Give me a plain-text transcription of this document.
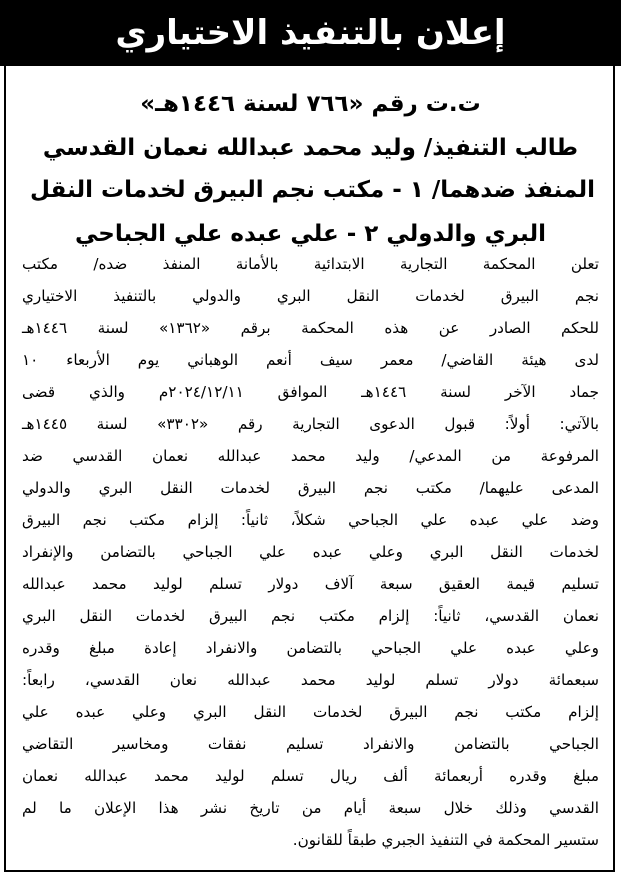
إعلان بالتنفيذ الاختياري
ت.ت رقم «٧٦٦ لسنة ١٤٤٦هـ»
طالب التنفيذ/ وليد محمد عبدالله نعمان القدسي
المنفذ ضدهما/ ١ - مكتب نجم البيرق لخدمات النقل
البري والدولي ٢ - علي عبده علي الجباحي
تعلن المحكمة التجارية الابتدائية بالأمانة المنفذ ضده/ مكتب
نجم البيرق لخدمات النقل البري والدولي بالتنفيذ الاختياري
للحكم الصادر عن هذه المحكمة برقم «١٣٦٢» لسنة ١٤٤٦هـ
لدى هيئة القاضي/ معمر سيف أنعم الوهباني يوم الأربعاء ١٠
جماد الآخر لسنة ١٤٤٦هـ الموافق ٢٠٢٤/١٢/١١م والذي قضى
بالآتي: أولاً: قبول الدعوى التجارية رقم «٣٣٠٢» لسنة ١٤٤٥هـ
المرفوعة من المدعي/ وليد محمد عبدالله نعمان القدسي ضد
المدعى عليهما/ مكتب نجم البيرق لخدمات النقل البري والدولي
وضد علي عبده علي الجباحي شكلاً، ثانياً: إلزام مكتب نجم البيرق
لخدمات النقل البري وعلي عبده علي الجباحي بالتضامن والإنفراد
تسليم قيمة العقيق سبعة آلاف دولار تسلم لوليد محمد عبدالله
نعمان القدسي، ثانياً: إلزام مكتب نجم البيرق لخدمات النقل البري
وعلي عبده علي الجباحي بالتضامن والانفراد إعادة مبلغ وقدره
سبعمائة دولار تسلم لوليد محمد عبدالله نعان القدسي، رابعاً:
إلزام مكتب نجم البيرق لخدمات النقل البري وعلي عبده علي
الجباحي بالتضامن والانفراد تسليم نفقات ومخاسير التقاضي
مبلغ وقدره أربعمائة ألف ريال تسلم لوليد محمد عبدالله نعمان
القدسي وذلك خلال سبعة أيام من تاريخ نشر هذا الإعلان ما لم
ستسير المحكمة في التنفيذ الجبري طبقاً للقانون.
